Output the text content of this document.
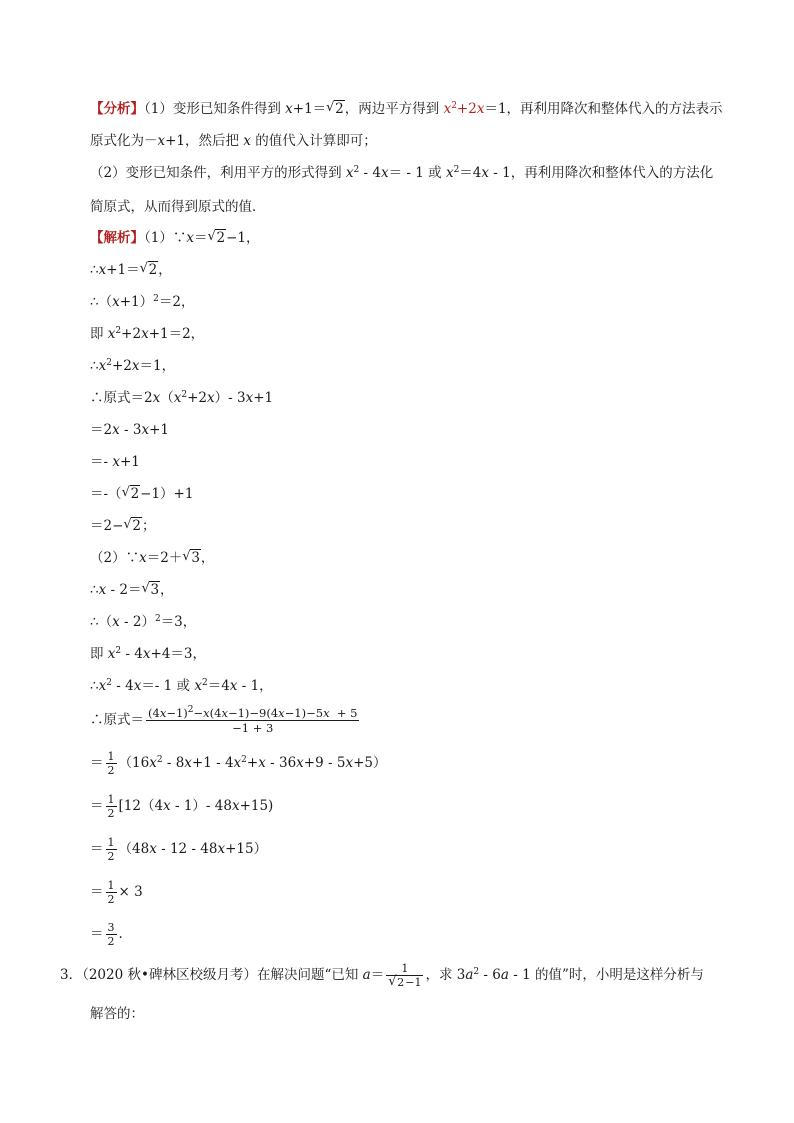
【分析】（1）变形已知条件得到 x+1＝ √ 2，两边平方得到 $x^2+2x=1$，再利用降次和整体代入的方法表示
原式化为－x+1，然后把 x 的值代入计算即可；
（2）变形已知条件，利用平方的形式得到 $x^2 - 4x= - 1$ 或 $x^2=4x - 1$，再利用降次和整体代入的方法化
简原式，从而得到原式的值．
【解析】（1）∵x＝ √ 2−1，
∴x+1＝ √ 2，
$\therefore(x+1)^2=2$，
即 $x^2+2x+1=2$，
$\therefore x^2+2x=1$，
∴原式$=2x(x^2+2x)-$ 3x+1
＝2x - 3x+1
＝- x+1
＝-（ √ 2−1）+1
＝2− √ 2；
（2）∵x＝2＋ √ 3，
∴x - 2＝ √ 3，
∴（x - 2）$^2$＝3，
即 $x^2 - 4x+4=3$，
$\therefore x^2 - 4x=-$ 1 或 $x^2=4x - 1$，
∴原式＝ $\frac{(4x-1)^2-x(4x-1)-9(4x-1)-5x + 5}{-1 + 3}$
＝ $\frac{1}{2} (16x^2 - 8x+1 - 4x^2+x - 36x+9 - 5x+5)$
＝ $\frac{1}{2} [12(4x - 1)-$ 48x+15)
＝ $\frac{1}{2} (48x - 12 - 48x+15)$
＝ $\frac{1}{2} \times 3$
＝ $\frac{3}{2}$ .
3．（2020 秋•碑林区校级月考）在解决问题“已知 a＝ 1
√ 2−1 ，求 $3a^2 - 6a - 1$ 的值”时，小明是这样分析与
解答的：
